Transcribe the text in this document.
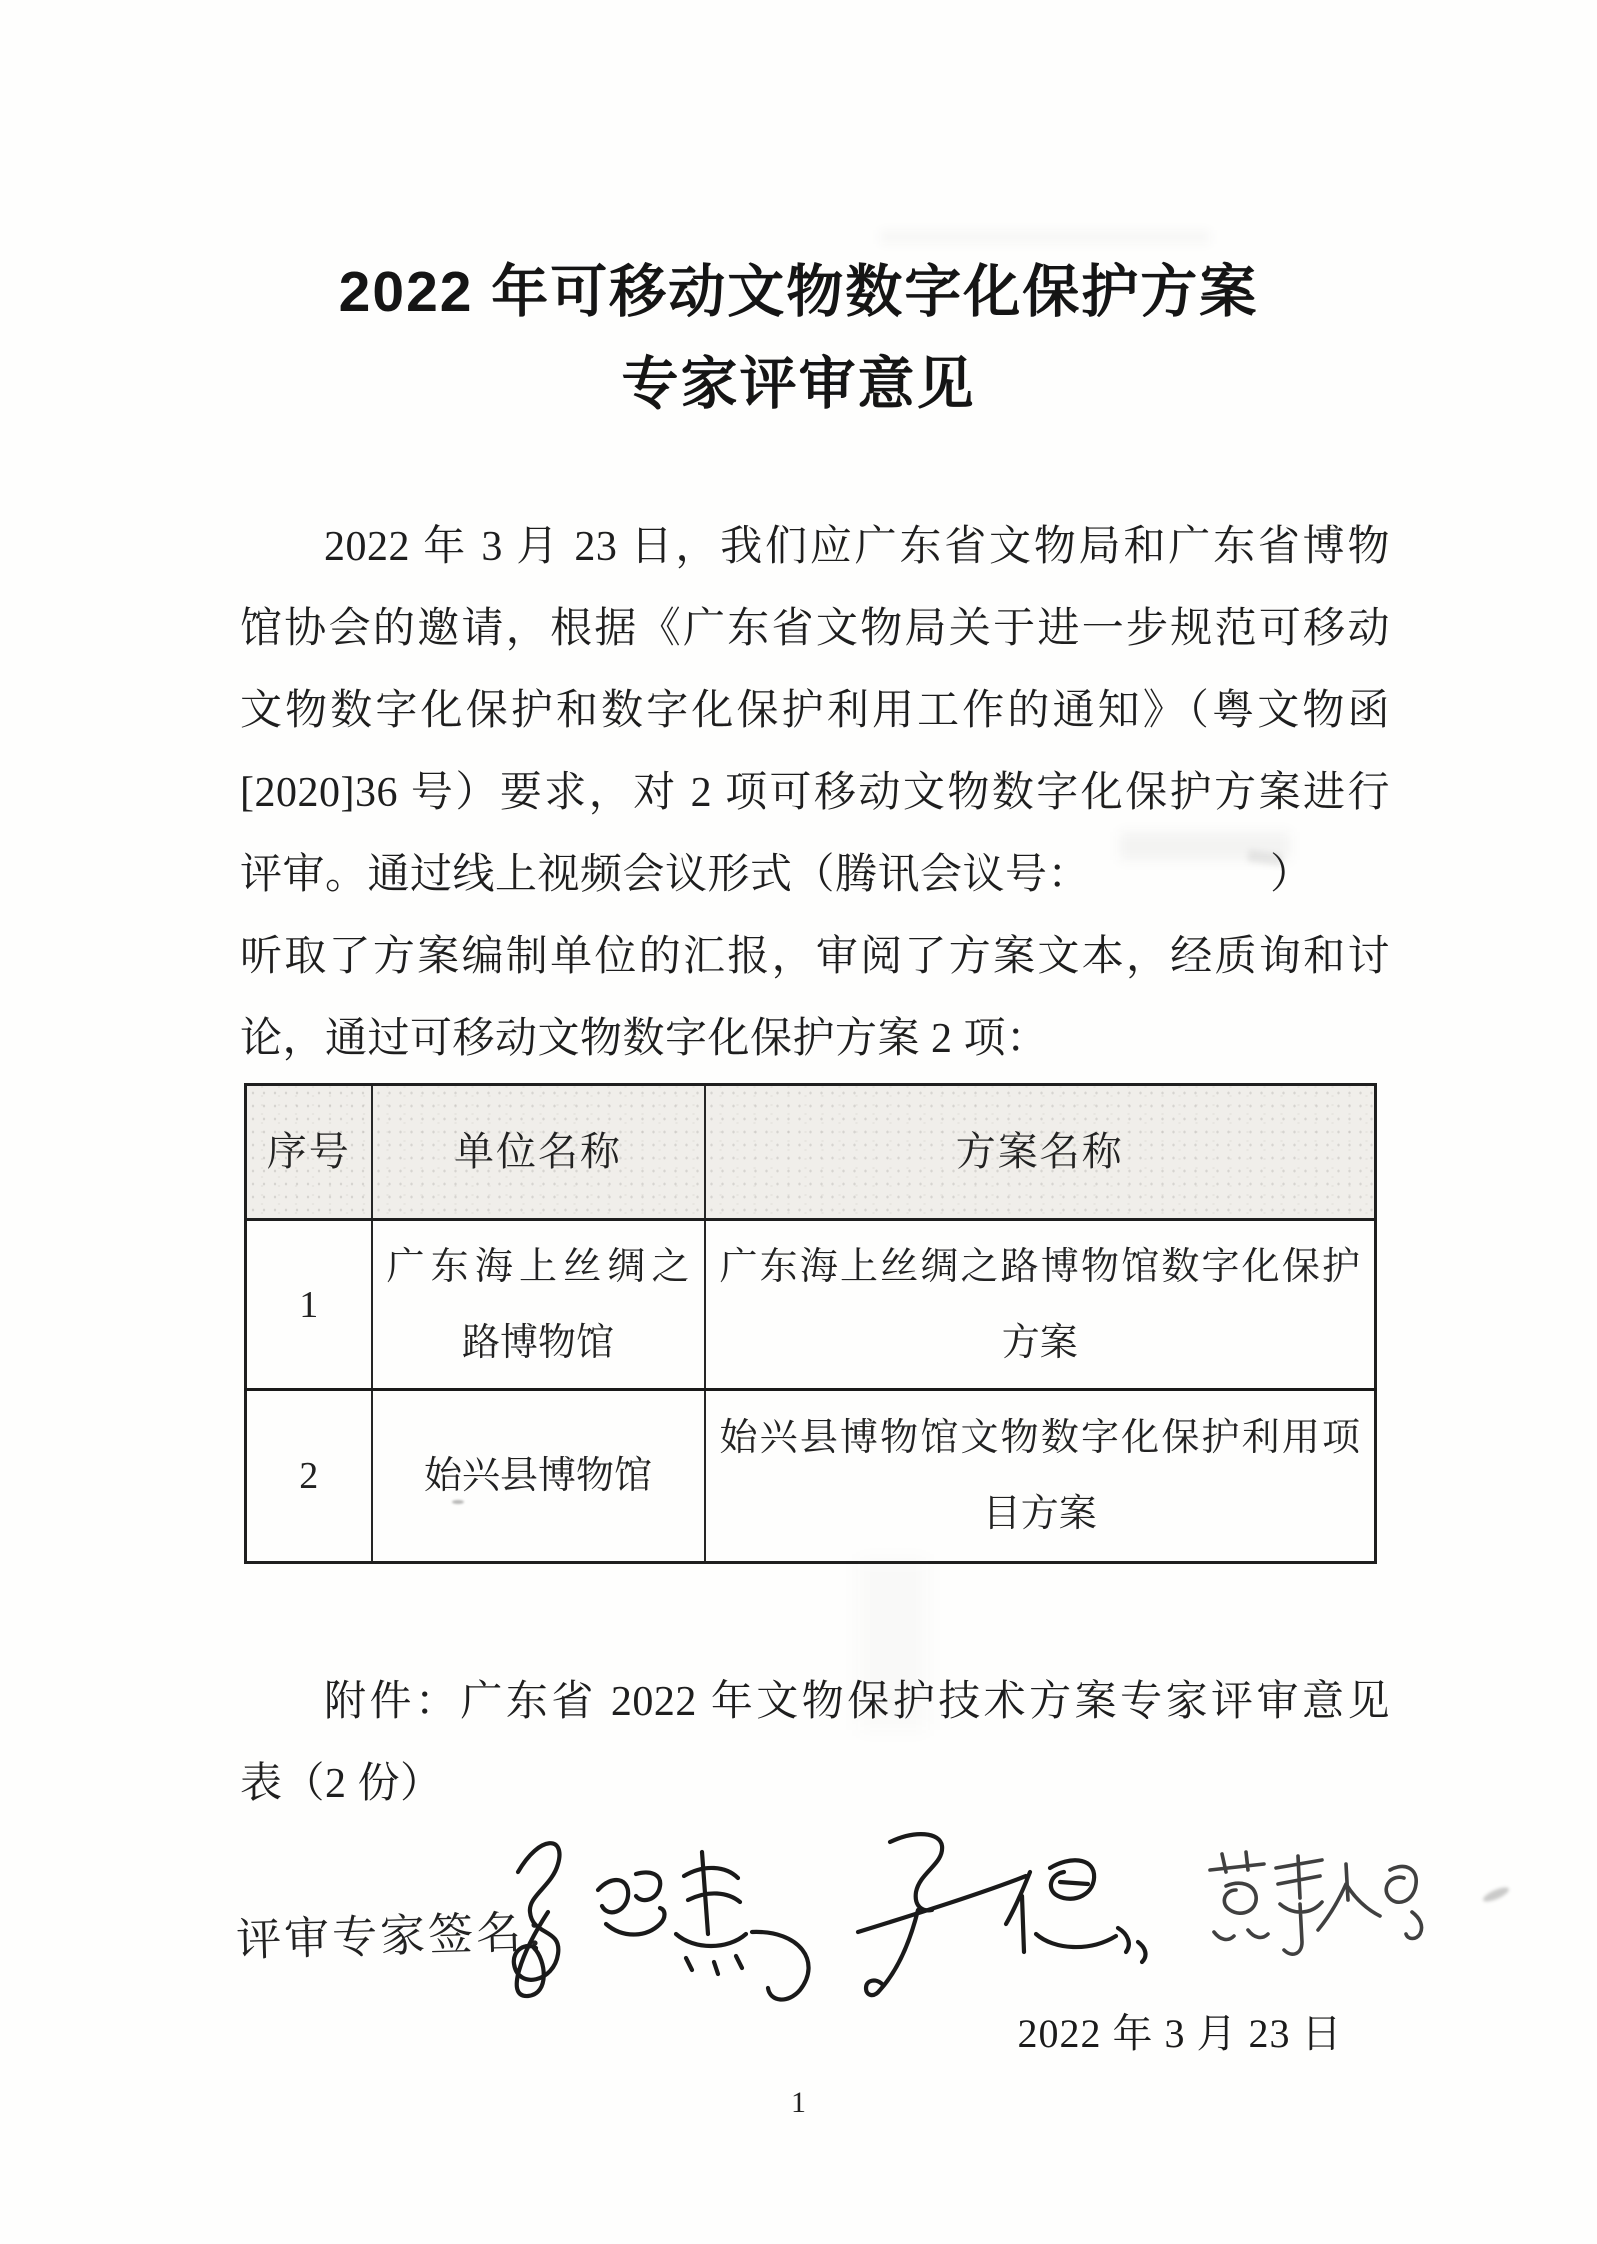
2022 年可移动文物数字化保护方案
专家评审意见
2022 年 3 月 23 日，我们应广东省文物局和广东省博物
馆协会的邀请，根据《广东省文物局关于进一步规范可移动
文物数字化保护和数字化保护利用工作的通知》（粤文物函
[2020]36 号）要求，对 2 项可移动文物数字化保护方案进行
评审。通过线上视频会议形式（腾讯会议号：	）
听取了方案编制单位的汇报，审阅了方案文本，经质询和讨
论，通过可移动文物数字化保护方案 2 项：
序号	单位名称	方案名称
1	广东海上丝绸之路博物馆	广东海上丝绸之路博物馆数字化保护方案
2	始兴县博物馆	始兴县博物馆文物数字化保护利用项目方案
附件：广东省 2022 年文物保护技术方案专家评审意见
表（2 份）
评审专家签名：
2022 年 3 月 23 日
1
